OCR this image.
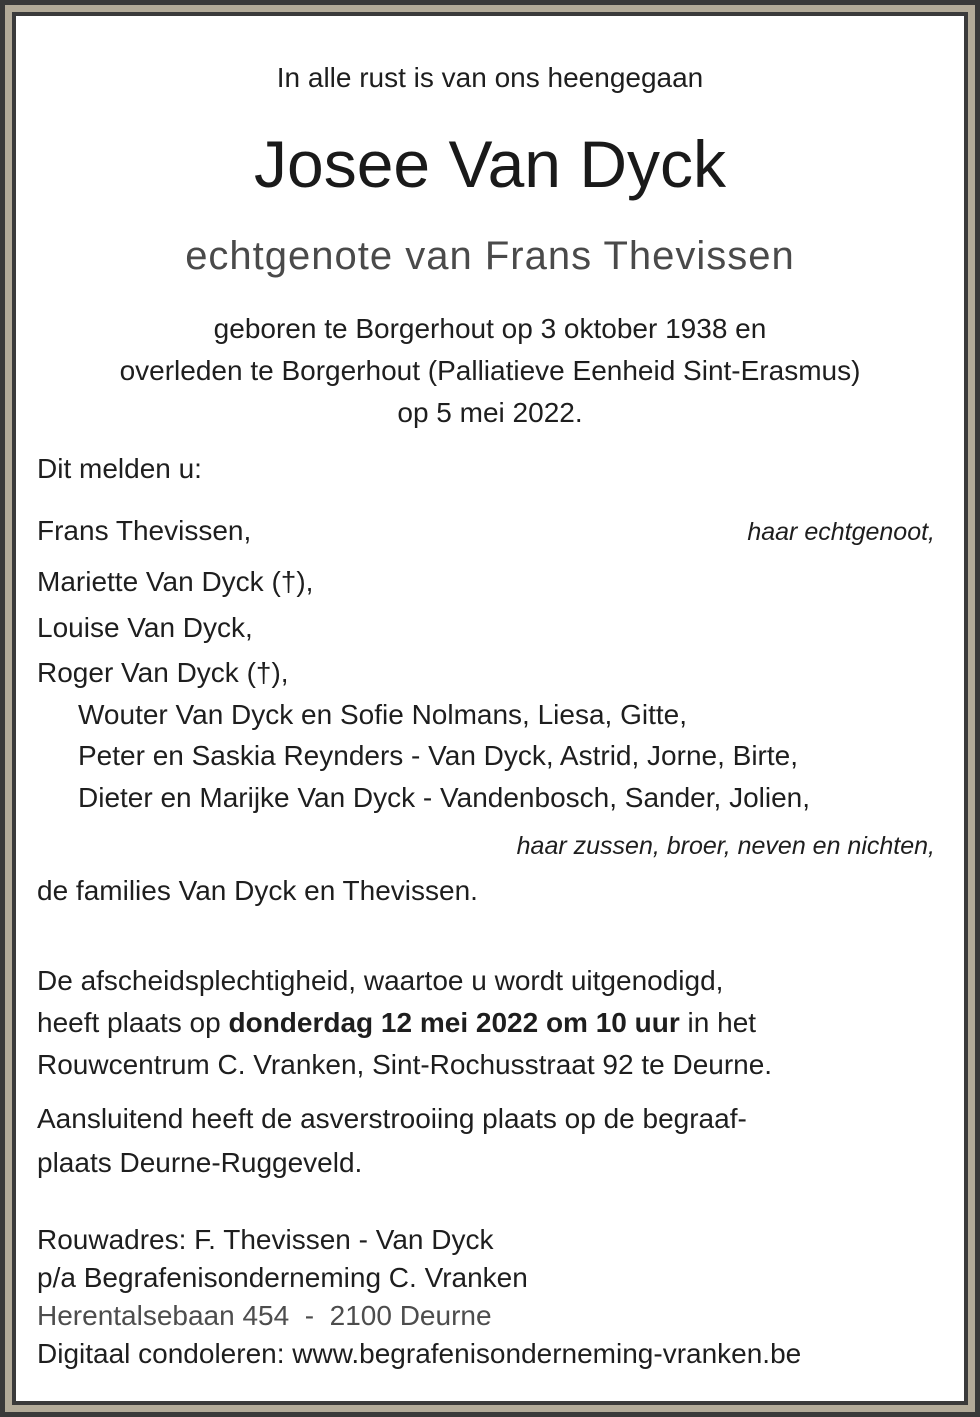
In alle rust is van ons heengegaan

Josee Van Dyck

echtgenote van Frans Thevissen

geboren te Borgerhout op 3 oktober 1938 en

overleden te Borgerhout (Palliatieve Eenheid Sint-Erasmus)

op 5 mei 2022.

Dit melden u:

Frans Thevissen,	haar echtgenoot,

Mariette Van Dyck (†),

Louise Van Dyck,

Roger Van Dyck (†),

Wouter Van Dyck en Sofie Nolmans, Liesa, Gitte,

Peter en Saskia Reynders - Van Dyck, Astrid, Jorne, Birte,

Dieter en Marijke Van Dyck - Vandenbosch, Sander, Jolien,

haar zussen, broer, neven en nichten,

de families Van Dyck en Thevissen.

De afscheidsplechtigheid, waartoe u wordt uitgenodigd,

heeft plaats op donderdag 12 mei 2022 om 10 uur in het

Rouwcentrum C. Vranken, Sint-Rochusstraat 92 te Deurne.

Aansluitend heeft de asverstrooiing plaats op de begraaf-

plaats Deurne-Ruggeveld.

Rouwadres: F. Thevissen - Van Dyck

p/a Begrafenisonderneming C. Vranken

Herentalsebaan 454  -  2100 Deurne

Digitaal condoleren: www.begrafenisonderneming-vranken.be
